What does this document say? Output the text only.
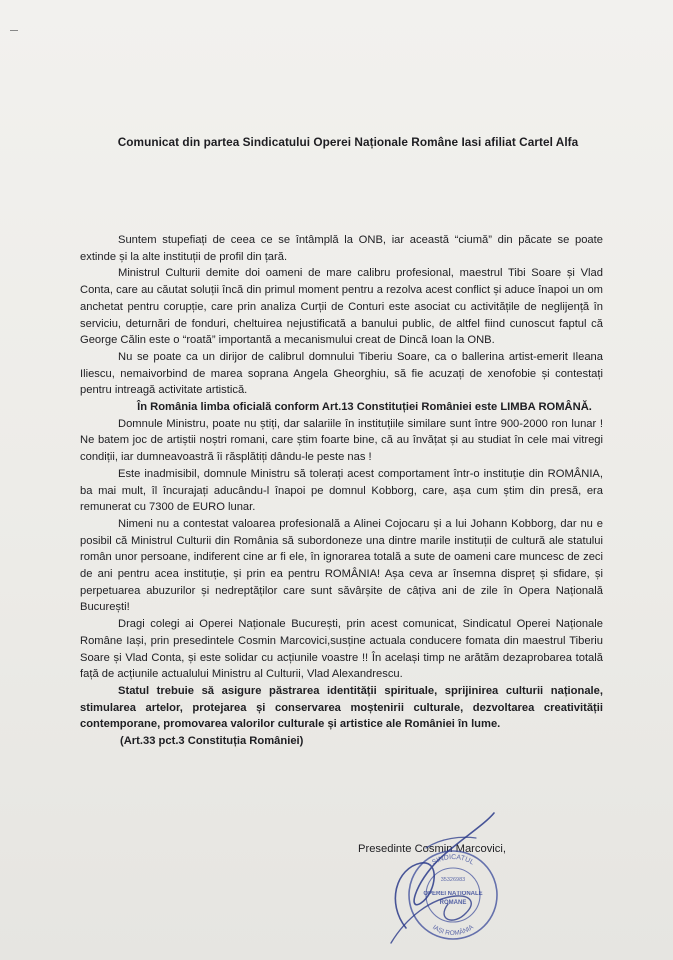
Comunicat din partea Sindicatului Operei Naționale Române Iasi afiliat Cartel Alfa

Suntem stupefiați de ceea ce se întâmplă la ONB, iar această “ciumă” din păcate se poate extinde și la alte instituții de profil din țară.

Ministrul Culturii demite doi oameni de mare calibru profesional, maestrul Tibi Soare și Vlad Conta, care au căutat soluții încă din primul moment pentru a rezolva acest conflict și aduce înapoi un om anchetat pentru corupție, care prin analiza Curții de Conturi este asociat cu activitățile de neglijență în serviciu, deturnări de fonduri, cheltuireа nejustificată a banului public, de altfel fiind cunoscut faptul că George Călin este o “roată” importantă a mecanismului creat de Dincă Ioan la ONB.

Nu se poate ca un dirijor de calibrul domnului Tiberiu Soare, ca o ballerina artist-emerit Ileana Iliescu, nemaivorbind de marea soprana Angela Gheorghiu, să fie acuzați de xenofobie și contestați pentru intreagă activitate artistică.

În România limba oficială conform Art.13 Constituției României este LIMBA ROMÂNĂ.

Domnule Ministru, poate nu știți, dar salariile în instituțiile similare sunt între 900-2000 ron lunar ! Ne batem joc de artiștii noștri romani, care știm foarte bine, că au învățat și au studiat în cele mai vitregi condiții, iar dumneavoastră îi răsplătiți dându-le peste nas !

Este inadmisibil, domnule Ministru să tolerați acest comportament într-o instituție din ROMÂNIA, ba mai mult, îl încurajați aducându-l înapoi pe domnul Kobborg, care, așa cum știm din presă, era remunerat cu 7300 de EURO lunar.

Nimeni nu a contestat valoarea profesională a Alinei Cojocaru și a lui Johann Kobborg, dar nu e posibil că Ministrul Culturii din România să subordoneze una dintre marile instituții de cultură ale statului român unor persoane, indiferent cine ar fi ele, în ignorarea totală a sute de oameni care muncesc de zeci de ani pentru acea instituție, și prin ea pentru ROMÂNIA! Așa ceva ar însemna dispreț și sfidare, și perpetuarea abuzurilor și nedreptăților care sunt săvârșite de câțiva ani de zile în Opera Națională București!

Dragi colegi ai Operei Naționale București, prin acest comunicat, Sindicatul Operei Naționale Române Iași, prin presedintele Cosmin Marcovici,susține actuala conducere fomata din maestrul Tiberiu Soare și Vlad Conta, și este solidar cu acțiunile voastre !! În același timp ne arătăm dezaprobarea totală față de acțiunile actualului Ministru al Culturii, Vlad Alexandrescu.

Statul trebuie să asigure păstrarea identității spirituale, sprijinirea culturii naționale, stimularea artelor, protejarea și conservarea moștenirii culturale, dezvoltarea creativității contemporane, promovarea valorilor culturale și artistice ale României în lume.

(Art.33 pct.3 Constituția României)

Presedinte Cosmin Marcovici,
SINDICATUL
IAȘI ROMÂNIA
35326983
OPEREI NAȚIONALE
ROMÂNE
